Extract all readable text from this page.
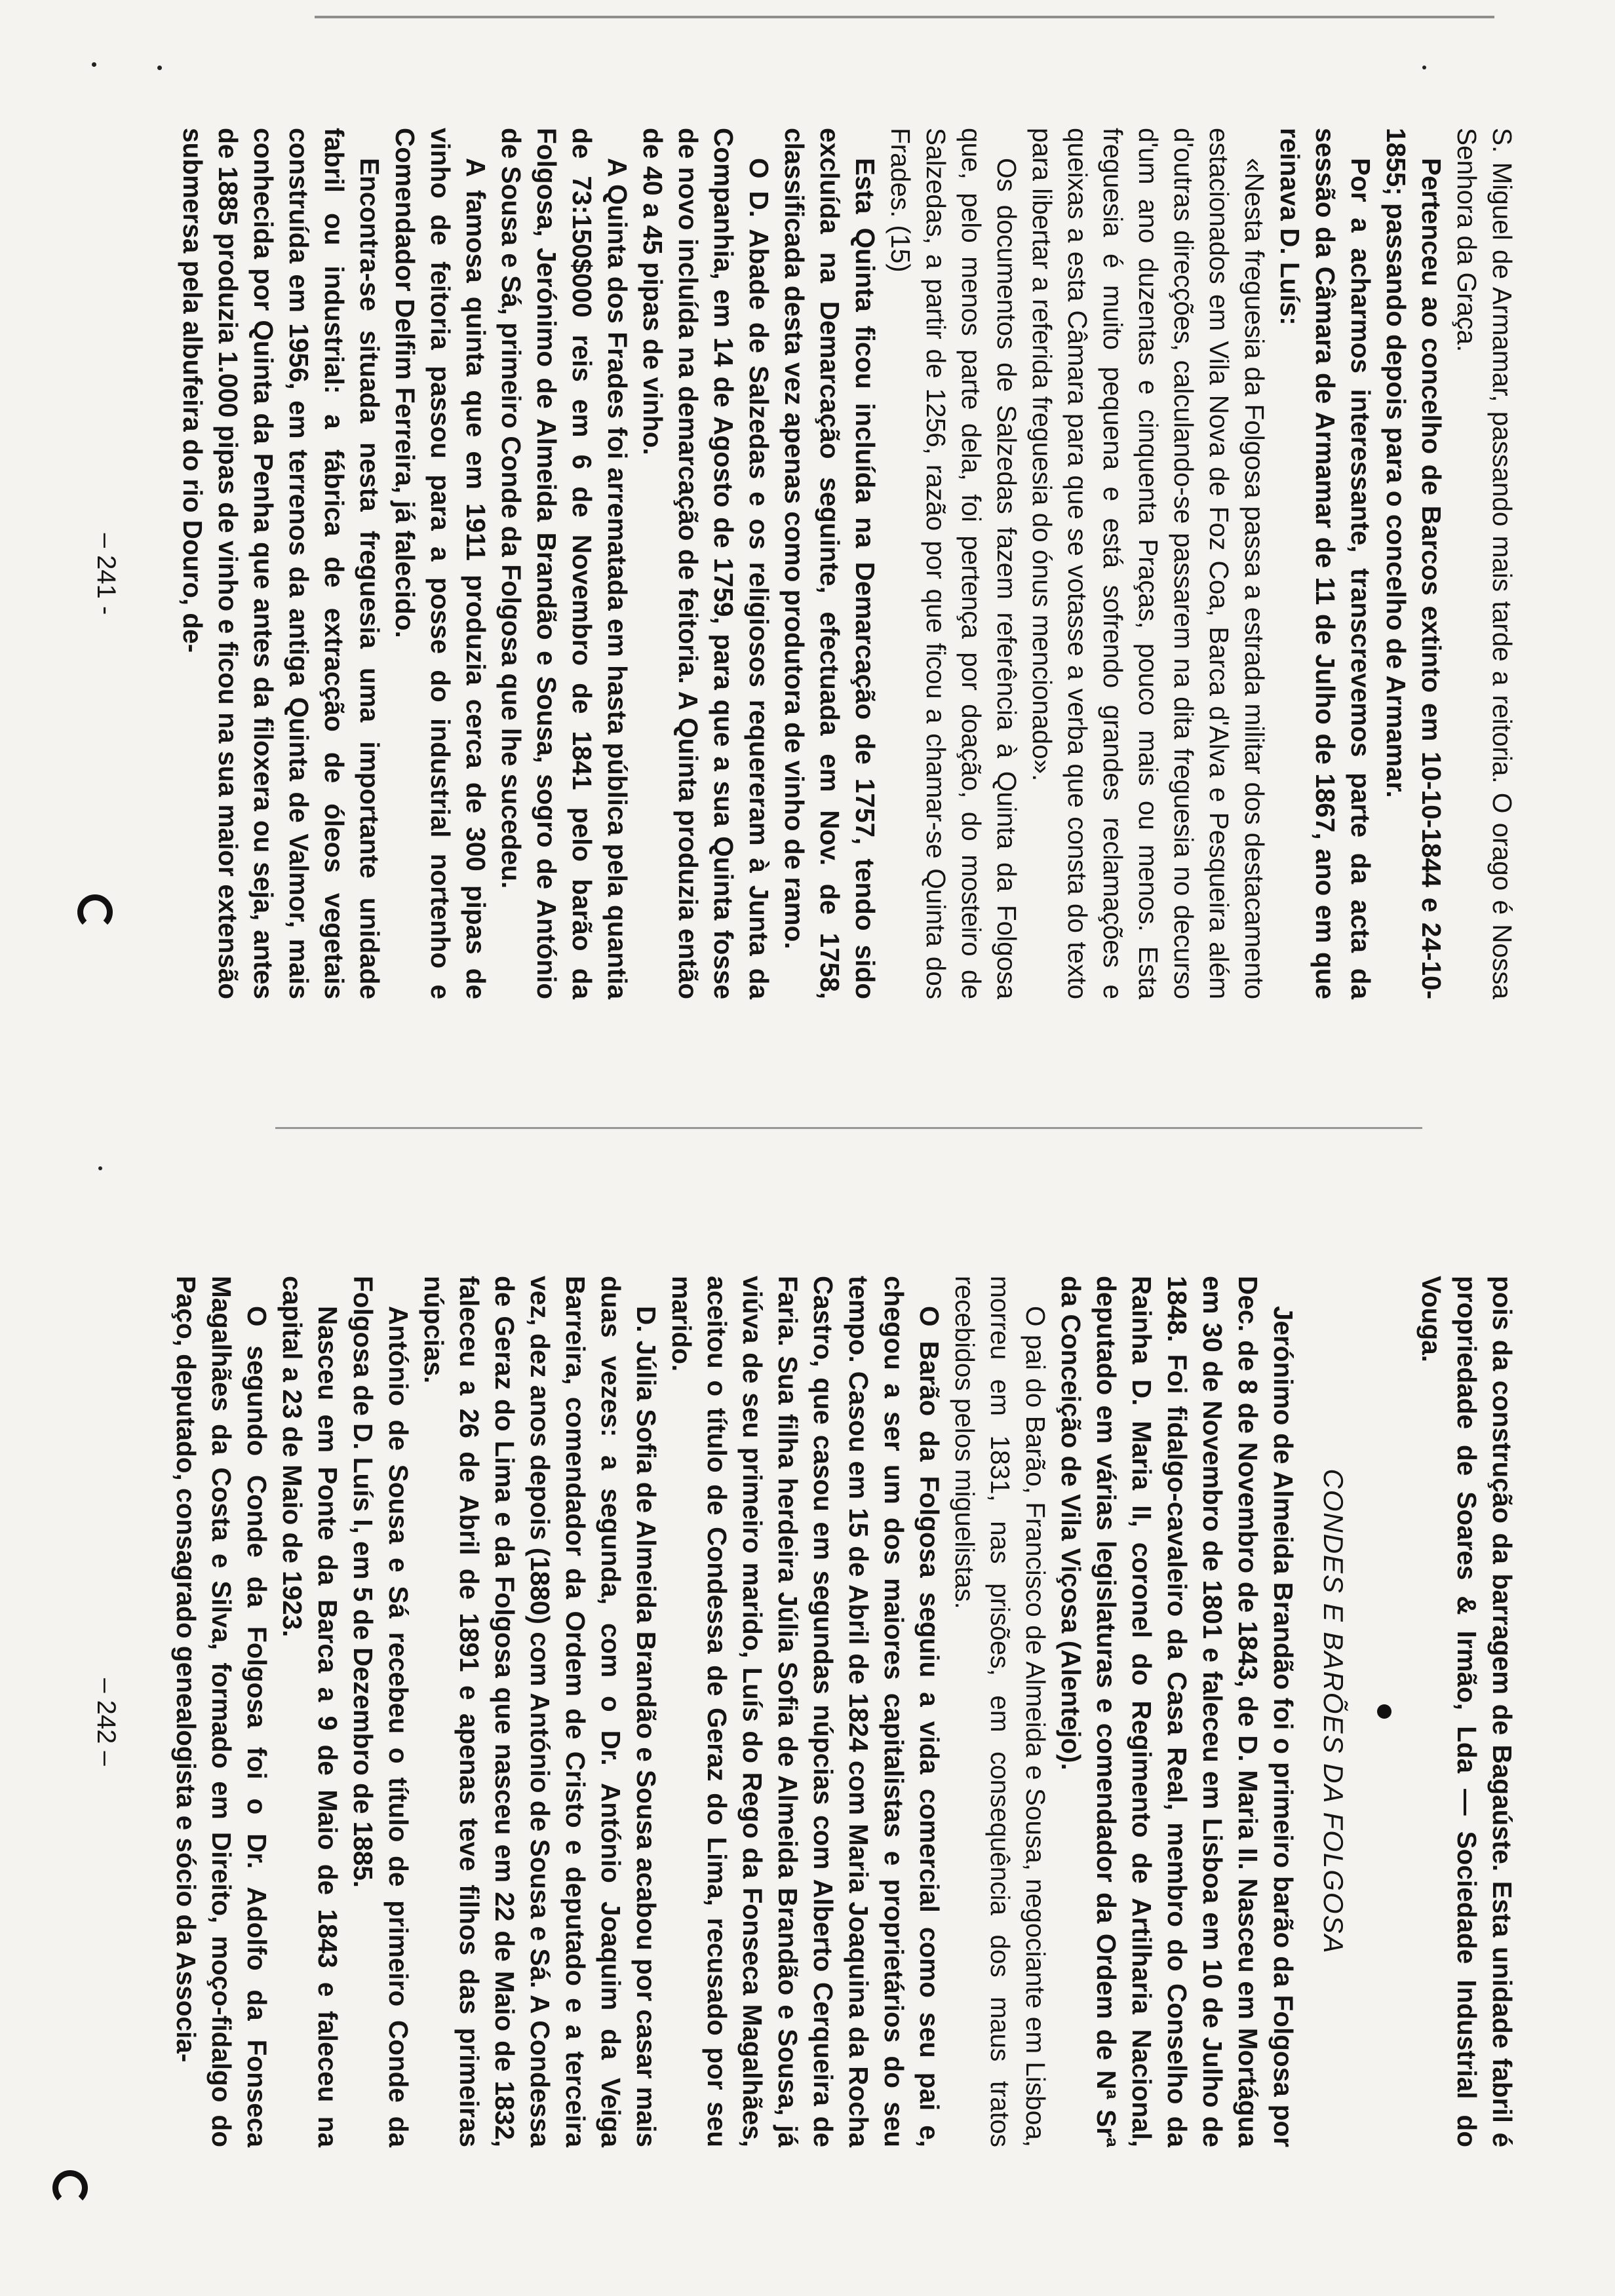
S. Miguel de Armamar, passando mais tarde a reitoria. O orago é Nossa Senhora da Graça.

Pertenceu ao concelho de Barcos extinto em 10-10-1844 e 24-10-1855; passando depois para o concelho de Armamar.

Por a acharmos interessante, transcrevemos parte da acta da sessão da Câmara de Armamar de 11 de Julho de 1867, ano em que reinava D. Luís:

«Nesta freguesia da Folgosa passa a estrada militar dos destacamento estacionados em Vila Nova de Foz Coa, Barca d'Alva e Pesqueira além d'outras direcções, calculando-se passarem na dita freguesia no decurso d'um ano duzentas e cinquenta Praças, pouco mais ou menos. Esta freguesia é muito pequena e está sofrendo grandes reclamações e queixas a esta Câmara para que se votasse a verba que consta do texto para libertar a referida freguesia do ónus mencionado».

Os documentos de Salzedas fazem referência à Quinta da Folgosa que, pelo menos parte dela, foi pertença por doação, do mosteiro de Salzedas, a partir de 1256, razão por que ficou a chamar-se Quinta dos Frades. (15)

Esta Quinta ficou incluída na Demarcação de 1757, tendo sido excluída na Demarcação seguinte, efectuada em Nov. de 1758, classificada desta vez apenas como produtora de vinho de ramo.

O D. Abade de Salzedas e os religiosos requereram à Junta da Companhia, em 14 de Agosto de 1759, para que a sua Quinta fosse de novo incluída na demarcação de feitoria. A Quinta produzia então de 40 a 45 pipas de vinho.

A Quinta dos Frades foi arrematada em hasta pública pela quantia de 73:150$000 reis em 6 de Novembro de 1841 pelo barão da Folgosa, Jerónimo de Almeida Brandão e Sousa, sogro de António de Sousa e Sá, primeiro Conde da Folgosa que lhe sucedeu.

A famosa quinta que em 1911 produzia cerca de 300 pipas de vinho de feitoria passou para a posse do industrial nortenho e Comendador Delfim Ferreira, já falecido.

Encontra-se situada nesta freguesia uma importante unidade fabril ou industrial: a fábrica de extracção de óleos vegetais construída em 1956, em terrenos da antiga Quinta de Valmor, mais conhecida por Quinta da Penha que antes da filoxera ou seja, antes de 1885 produzia 1.000 pipas de vinho e ficou na sua maior extensão submersa pela albufeira do rio Douro, de-

– 241 -

pois da construção da barragem de Bagaúste. Esta unidade fabril é propriedade de Soares & Irmão, Lda — Sociedade Industrial do Vouga.

CONDES E BARÕES DA FOLGOSA

Jerónimo de Almeida Brandão foi o primeiro barão da Folgosa por Dec. de 8 de Novembro de 1843, de D. Maria II. Nasceu em Mortágua em 30 de Novembro de 1801 e faleceu em Lisboa em 10 de Julho de 1848. Foi fidalgo-cavaleiro da Casa Real, membro do Conselho da Rainha D. Maria II, coronel do Regimento de Artilharia Nacional, deputado em várias legislaturas e comendador da Ordem de Nª Srª da Conceição de Vila Viçosa (Alentejo).

O pai do Barão, Francisco de Almeida e Sousa, negociante em Lisboa, morreu em 1831, nas prisões, em consequência dos maus tratos recebidos pelos miguelistas.

O Barão da Folgosa seguiu a vida comercial como seu pai e, chegou a ser um dos maiores capitalistas e proprietários do seu tempo. Casou em 15 de Abril de 1824 com Maria Joaquina da Rocha Castro, que casou em segundas núpcias com Alberto Cerqueira de Faria. Sua filha herdeira Júlia Sofia de Almeida Brandão e Sousa, já viúva de seu primeiro marido, Luís do Rego da Fonseca Magalhães, aceitou o título de Condessa de Geraz do Lima, recusado por seu marido.

D. Júlia Sofia de Almeida Brandão e Sousa acabou por casar mais duas vezes: a segunda, com o Dr. António Joaquim da Veiga Barreira, comendador da Ordem de Cristo e deputado e a terceira vez, dez anos depois (1880) com António de Sousa e Sá. A Condessa de Geraz do Lima e da Folgosa que nasceu em 22 de Maio de 1832, faleceu a 26 de Abril de 1891 e apenas teve filhos das primeiras núpcias.

António de Sousa e Sá recebeu o título de primeiro Conde da Folgosa de D. Luís I, em 5 de Dezembro de 1885.

Nasceu em Ponte da Barca a 9 de Maio de 1843 e faleceu na capital a 23 de Maio de 1923.

O segundo Conde da Folgosa foi o Dr. Adolfo da Fonseca Magalhães da Costa e Silva, formado em Direito, moço-fidalgo do Paço, deputado, consagrado genealogista e sócio da Associa-

– 242 –
